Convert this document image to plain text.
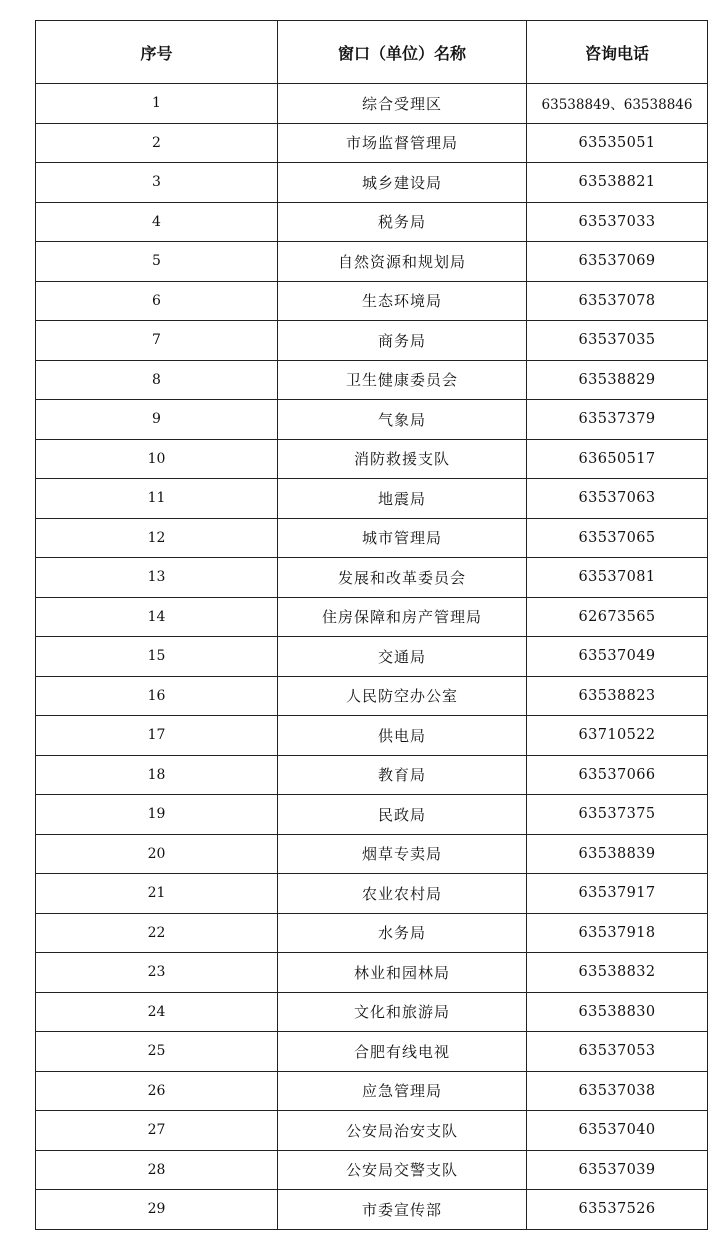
序号	窗口（单位）名称	咨询电话
1	综合受理区	63538849、63538846
2	市场监督管理局	63535051
3	城乡建设局	63538821
4	税务局	63537033
5	自然资源和规划局	63537069
6	生态环境局	63537078
7	商务局	63537035
8	卫生健康委员会	63538829
9	气象局	63537379
10	消防救援支队	63650517
11	地震局	63537063
12	城市管理局	63537065
13	发展和改革委员会	63537081
14	住房保障和房产管理局	62673565
15	交通局	63537049
16	人民防空办公室	63538823
17	供电局	63710522
18	教育局	63537066
19	民政局	63537375
20	烟草专卖局	63538839
21	农业农村局	63537917
22	水务局	63537918
23	林业和园林局	63538832
24	文化和旅游局	63538830
25	合肥有线电视	63537053
26	应急管理局	63537038
27	公安局治安支队	63537040
28	公安局交警支队	63537039
29	市委宣传部	63537526
